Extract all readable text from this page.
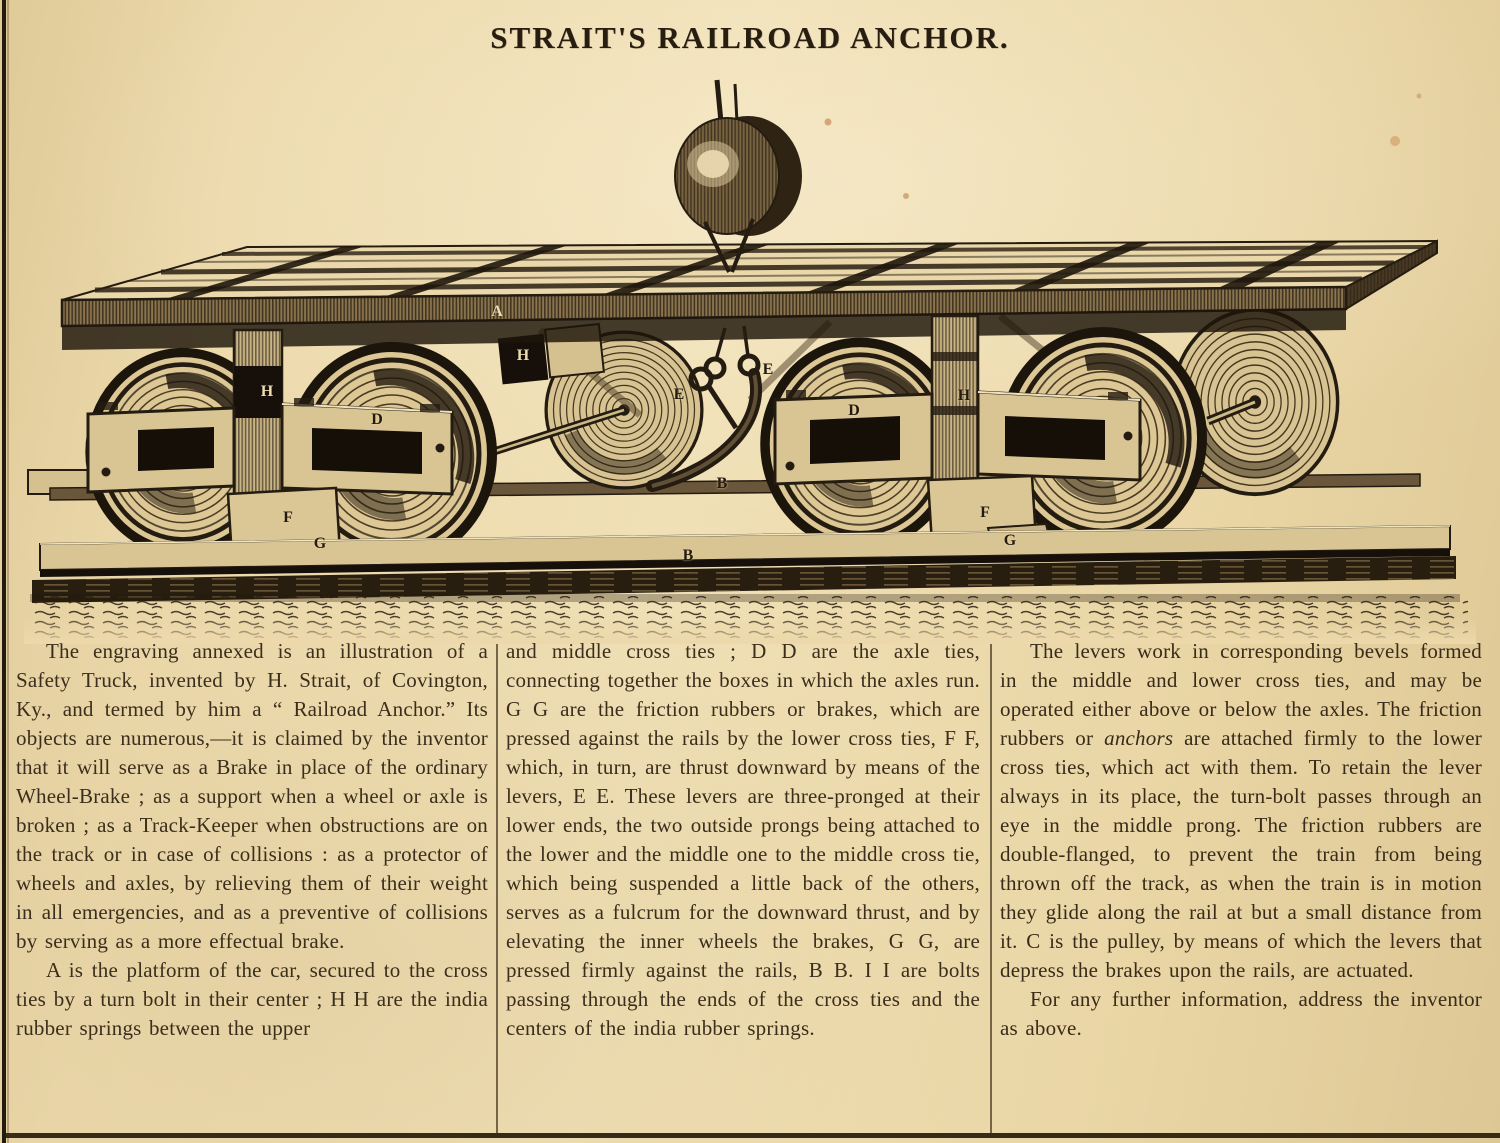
STRAIT'S RAILROAD ANCHOR.
A
H
H
D
E
E
B
B
F
G
D
H
F
G

The engraving annexed is an illustration of a Safety Truck, invented by H. Strait, of Covington, Ky., and termed by him a “ Railroad Anchor.” Its objects are numerous,—it is claimed by the inventor that it will serve as a Brake in place of the ordinary Wheel-Brake ; as a support when a wheel or axle is broken ; as a Track-Keeper when obstructions are on the track or in case of collisions : as a protector of wheels and axles, by relieving them of their weight in all emergencies, and as a preventive of collisions by serving as a more effectual brake.

A is the platform of the car, secured to the cross ties by a turn bolt in their center ; H H are the india rubber springs between the upper

and middle cross ties ; D D are the axle ties, connecting together the boxes in which the axles run. G G are the friction rubbers or brakes, which are pressed against the rails by the lower cross ties, F F, which, in turn, are thrust downward by means of the levers, E E. These levers are three-pronged at their lower ends, the two outside prongs being attached to the lower and the middle one to the middle cross tie, which being suspended a little back of the others, serves as a fulcrum for the downward thrust, and by elevating the inner wheels the brakes, G G, are pressed firmly against the rails, B B. I I are bolts passing through the ends of the cross ties and the centers of the india rubber springs.

The levers work in corresponding bevels formed in the middle and lower cross ties, and may be operated either above or below the axles. The friction rubbers or anchors are attached firmly to the lower cross ties, which act with them. To retain the lever always in its place, the turn-bolt passes through an eye in the middle prong. The friction rubbers are double-flanged, to prevent the train from being thrown off the track, as when the train is in motion they glide along the rail at but a small distance from it. C is the pulley, by means of which the levers that depress the brakes upon the rails, are actuated.

For any further information, address the inventor as above.
